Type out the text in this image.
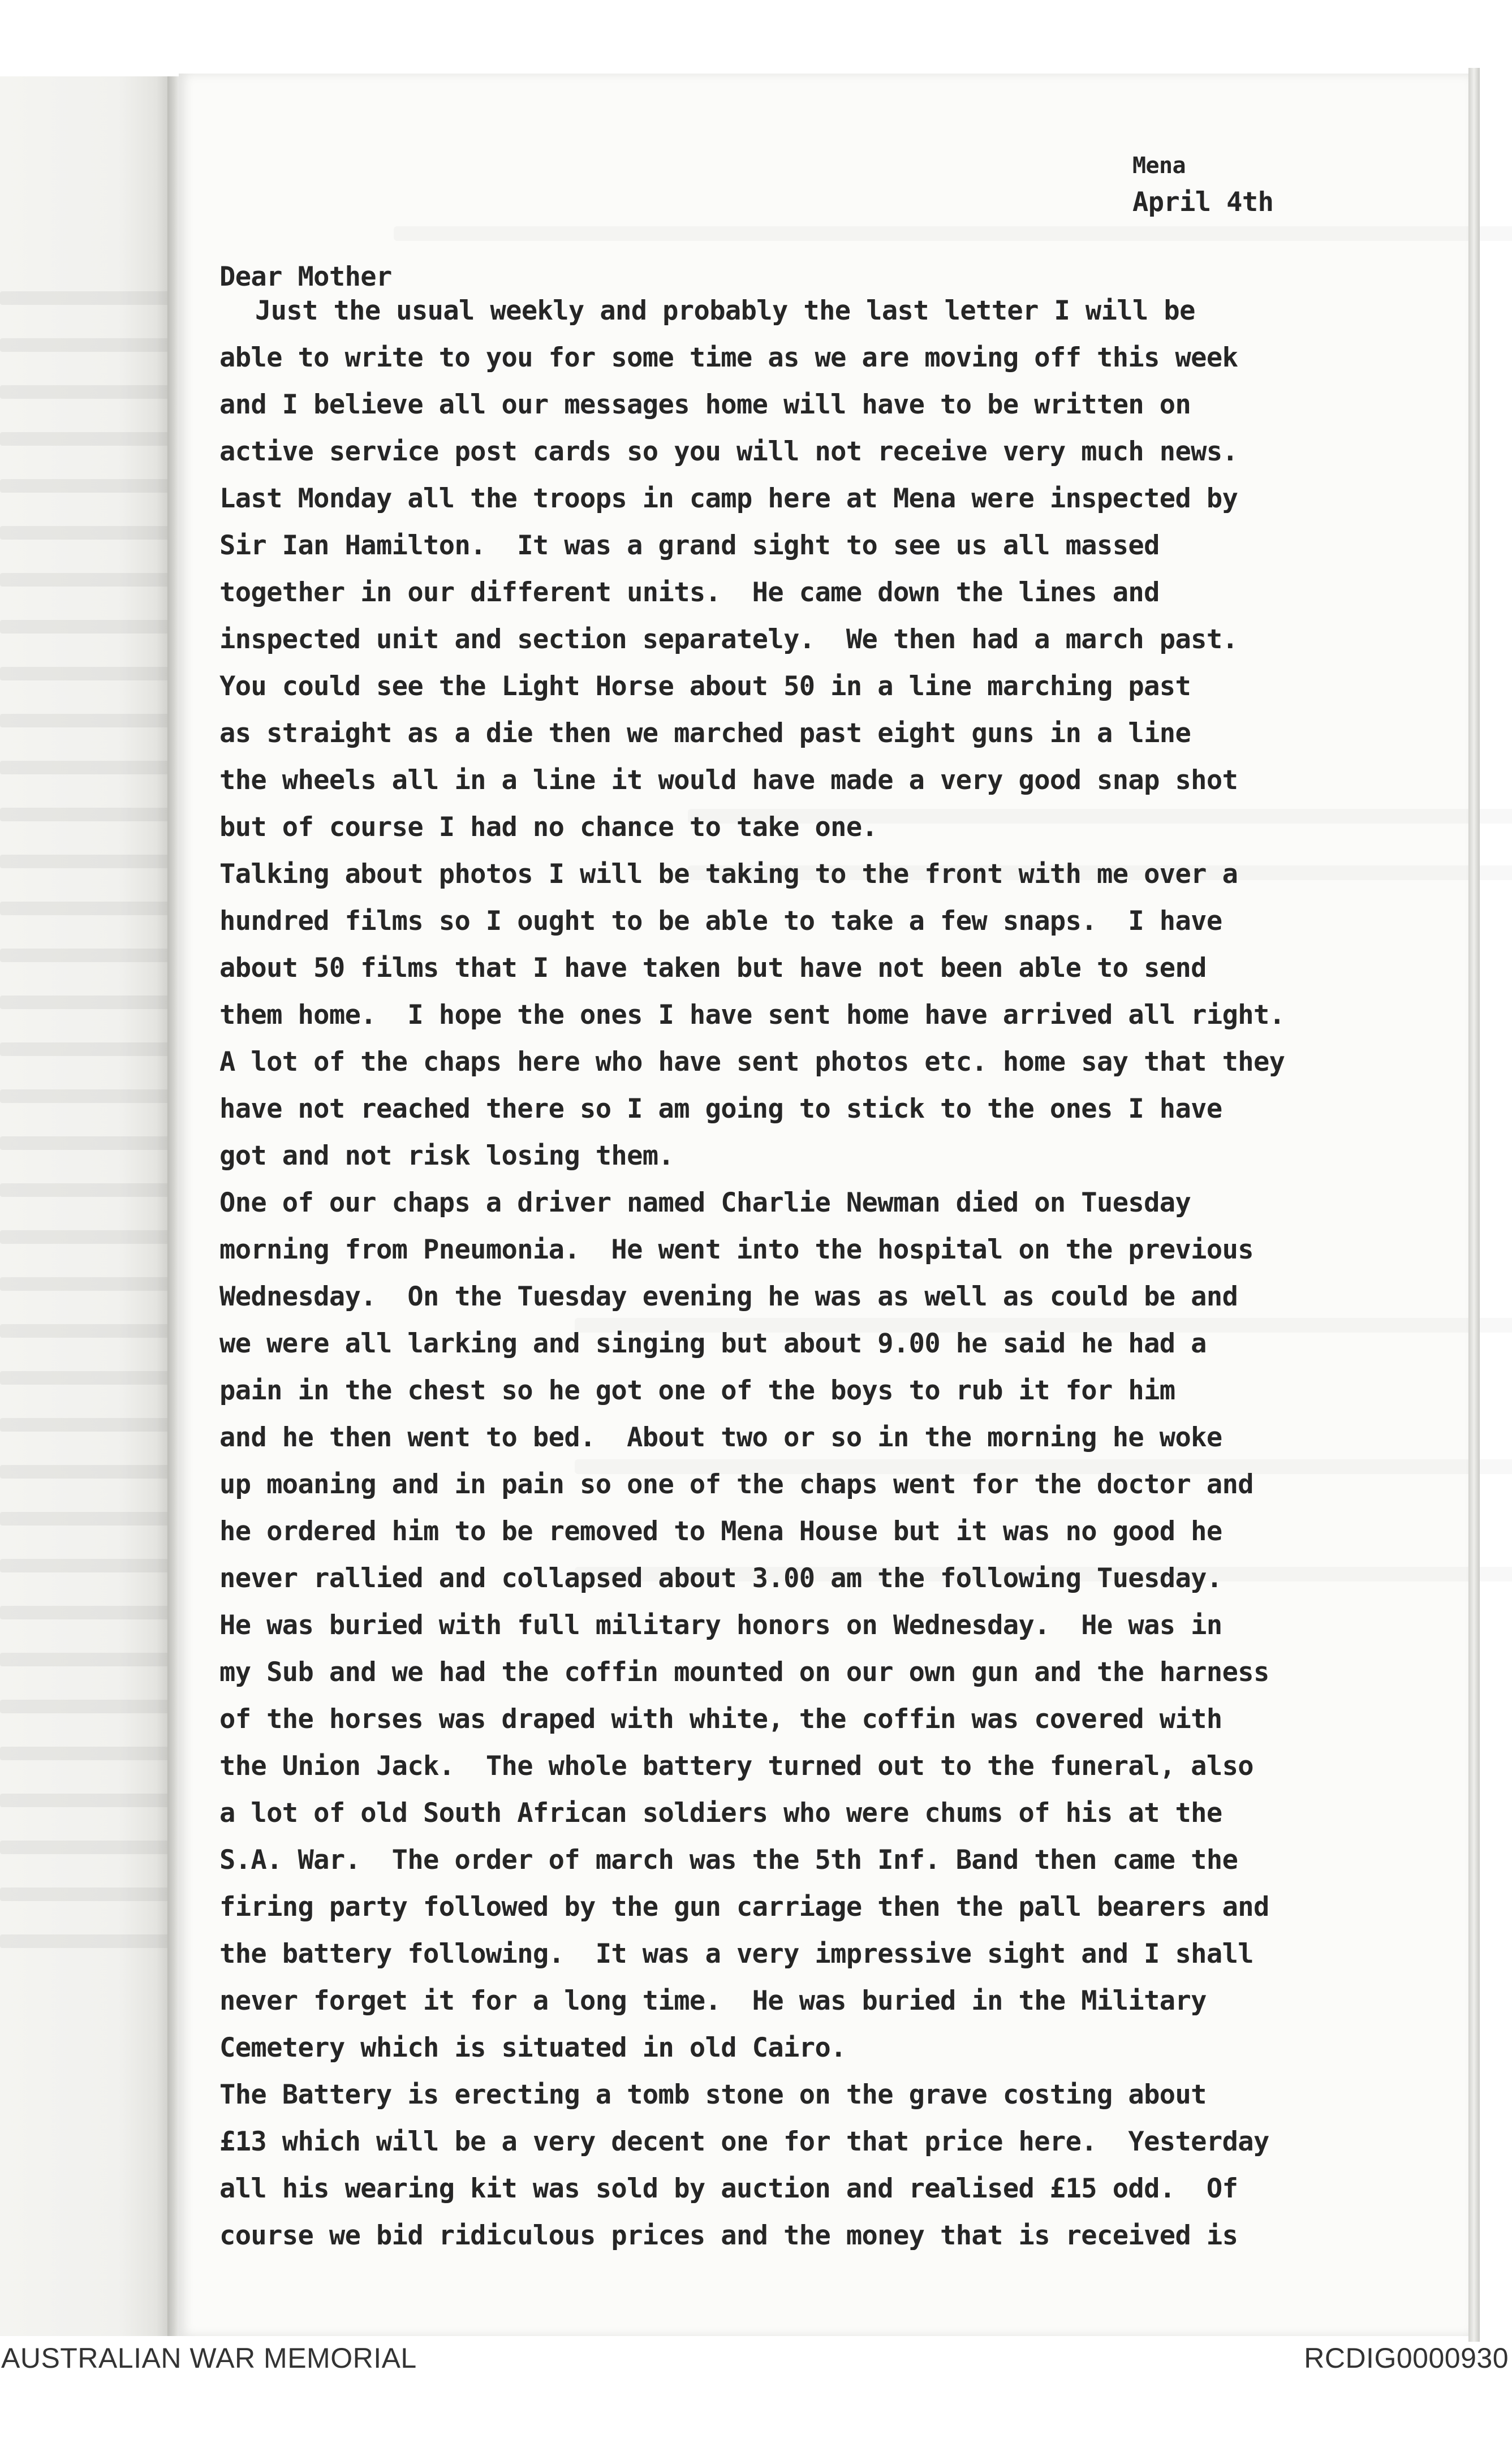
Mena

April 4th

Dear Mother

Just the usual weekly and probably the last letter I will be

able to write to you for some time as we are moving off this week

and I believe all our messages home will have to be written on

active service post cards so you will not receive very much news.

Last Monday all the troops in camp here at Mena were inspected by

Sir Ian Hamilton.  It was a grand sight to see us all massed

together in our different units.  He came down the lines and

inspected unit and section separately.  We then had a march past.

You could see the Light Horse about 50 in a line marching past

as straight as a die then we marched past eight guns in a line

the wheels all in a line it would have made a very good snap shot

but of course I had no chance to take one.

Talking about photos I will be taking to the front with me over a

hundred films so I ought to be able to take a few snaps.  I have

about 50 films that I have taken but have not been able to send

them home.  I hope the ones I have sent home have arrived all right.

A lot of the chaps here who have sent photos etc. home say that they

have not reached there so I am going to stick to the ones I have

got and not risk losing them.

One of our chaps a driver named Charlie Newman died on Tuesday

morning from Pneumonia.  He went into the hospital on the previous

Wednesday.  On the Tuesday evening he was as well as could be and

we were all larking and singing but about 9.00 he said he had a

pain in the chest so he got one of the boys to rub it for him

and he then went to bed.  About two or so in the morning he woke

up moaning and in pain so one of the chaps went for the doctor and

he ordered him to be removed to Mena House but it was no good he

never rallied and collapsed about 3.00 am the following Tuesday.

He was buried with full military honors on Wednesday.  He was in

my Sub and we had the coffin mounted on our own gun and the harness

of the horses was draped with white, the coffin was covered with

the Union Jack.  The whole battery turned out to the funeral, also

a lot of old South African soldiers who were chums of his at the

S.A. War.  The order of march was the 5th Inf. Band then came the

firing party followed by the gun carriage then the pall bearers and

the battery following.  It was a very impressive sight and I shall

never forget it for a long time.  He was buried in the Military

Cemetery which is situated in old Cairo.

The Battery is erecting a tomb stone on the grave costing about

£13 which will be a very decent one for that price here.  Yesterday

all his wearing kit was sold by auction and realised £15 odd.  Of

course we bid ridiculous prices and the money that is received is

AUSTRALIAN WAR MEMORIAL	RCDIG0000930
